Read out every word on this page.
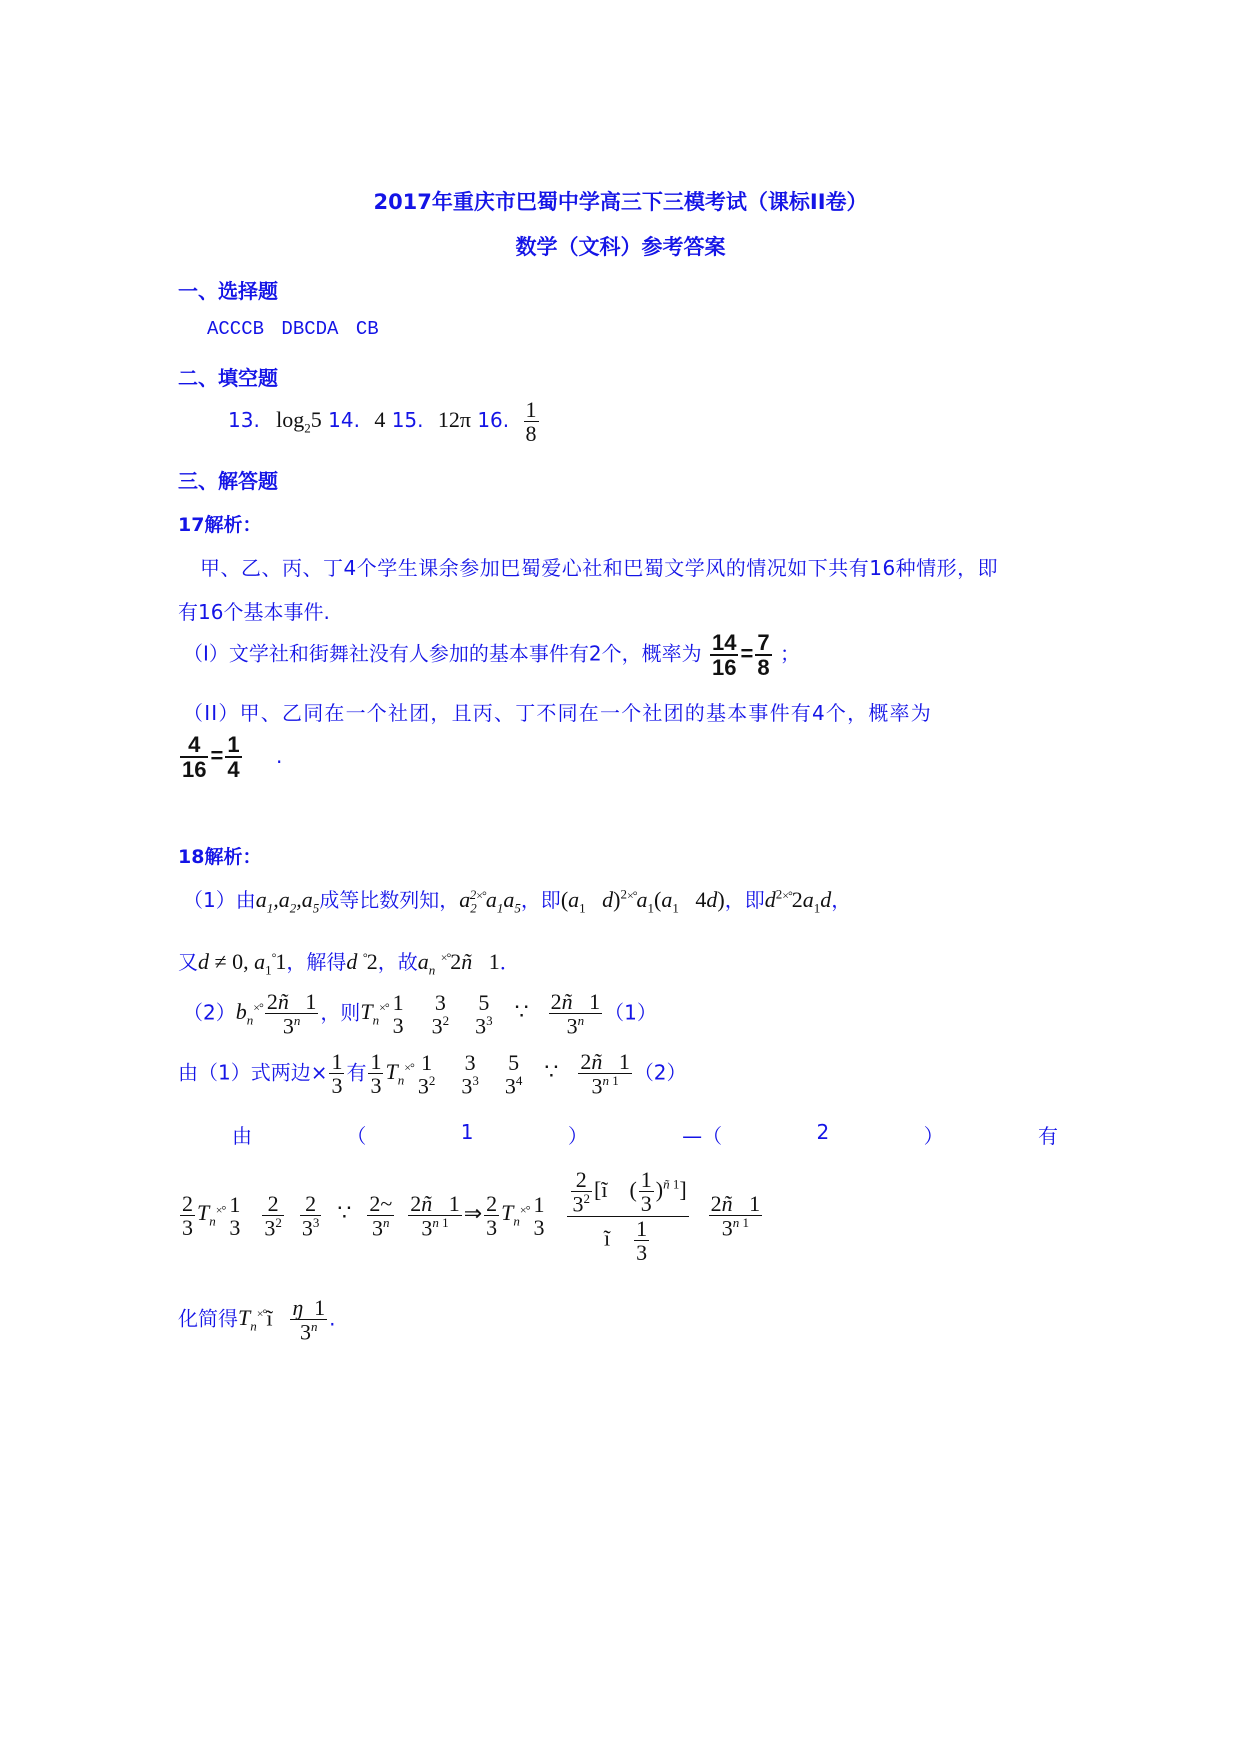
2017年重庆市巴蜀中学高三下三模考试（课标II卷）
数学（文科）参考答案
一、选择题
ACCCB DBCDA CB
二、填空题
13. $\log_25$ 14. 4 15. 12π 16. $\frac{1}{8}$
三、解答题
17解析：
甲、乙、丙、丁4个学生课余参加巴蜀爱心社和巴蜀文学风的情况如下共有16种情形，即
有16个基本事件.
（I）文学社和街舞社没有人参加的基本事件有2个，概率为 $\frac{14}{16} = \frac{7}{8}$ ；
（II）甲、乙同在一个社团，且丙、丁不同在一个社团的基本事件有4个，概率为
$\frac{4}{16} = \frac{1}{4}$ .
18解析：
（1）由$a_1,a_2,a_5$成等比数列知，$a_2^{2\times^\circ}a_1a_5$，即($a_1$ $d)^{2\times^\circ}a_1(a_1$   4d)，即$d^{2\times^\circ}2a_1d$，
又d ≠ 0, $a_1^\circ 1$，解得d °2，故$a_n$ ×°2ñ   1．
$(2)b_n^{\times^\circ} \frac{2ñ 1}{3^n}$ ，则$T_n^{\times^\circ}$ 1
3
3
$3^2$
5
$3^3$ ∵ $\frac{2ñ 1}{3^n} (1)$
由（1）式两边× $\frac{1}{3}$ 有 $\frac{1}{3} T_n^{\times^\circ}$ 1
$3^2$
3
$3^3$
5
$3^4$ ∵ $\frac{2ñ 1}{3^{n 1}} (2)$
由	（	1	）	—（	2	）	有
$\frac{2}{3} T_n^{\times^\circ}$ 1
$3 \frac{2}{3^2} \frac{2}{3^3}$ ∵ $\frac{2\sim}{3^n} \frac{2ñ 1}{3^{n 1}}$ ⇒ $\frac{2}{3} T_n^{\times^\circ}$ 1
$3 \frac{\frac{2}{3^2} [ĩ ( \frac{1}{3} )^{ñ 1}]}{ĩ \frac{1}{3}} \frac{2ñ 1}{3^{n 1}}$
化简得$T_n^{\times^\circ}ĩ \frac{ŋ 1}{3^n}$ .
